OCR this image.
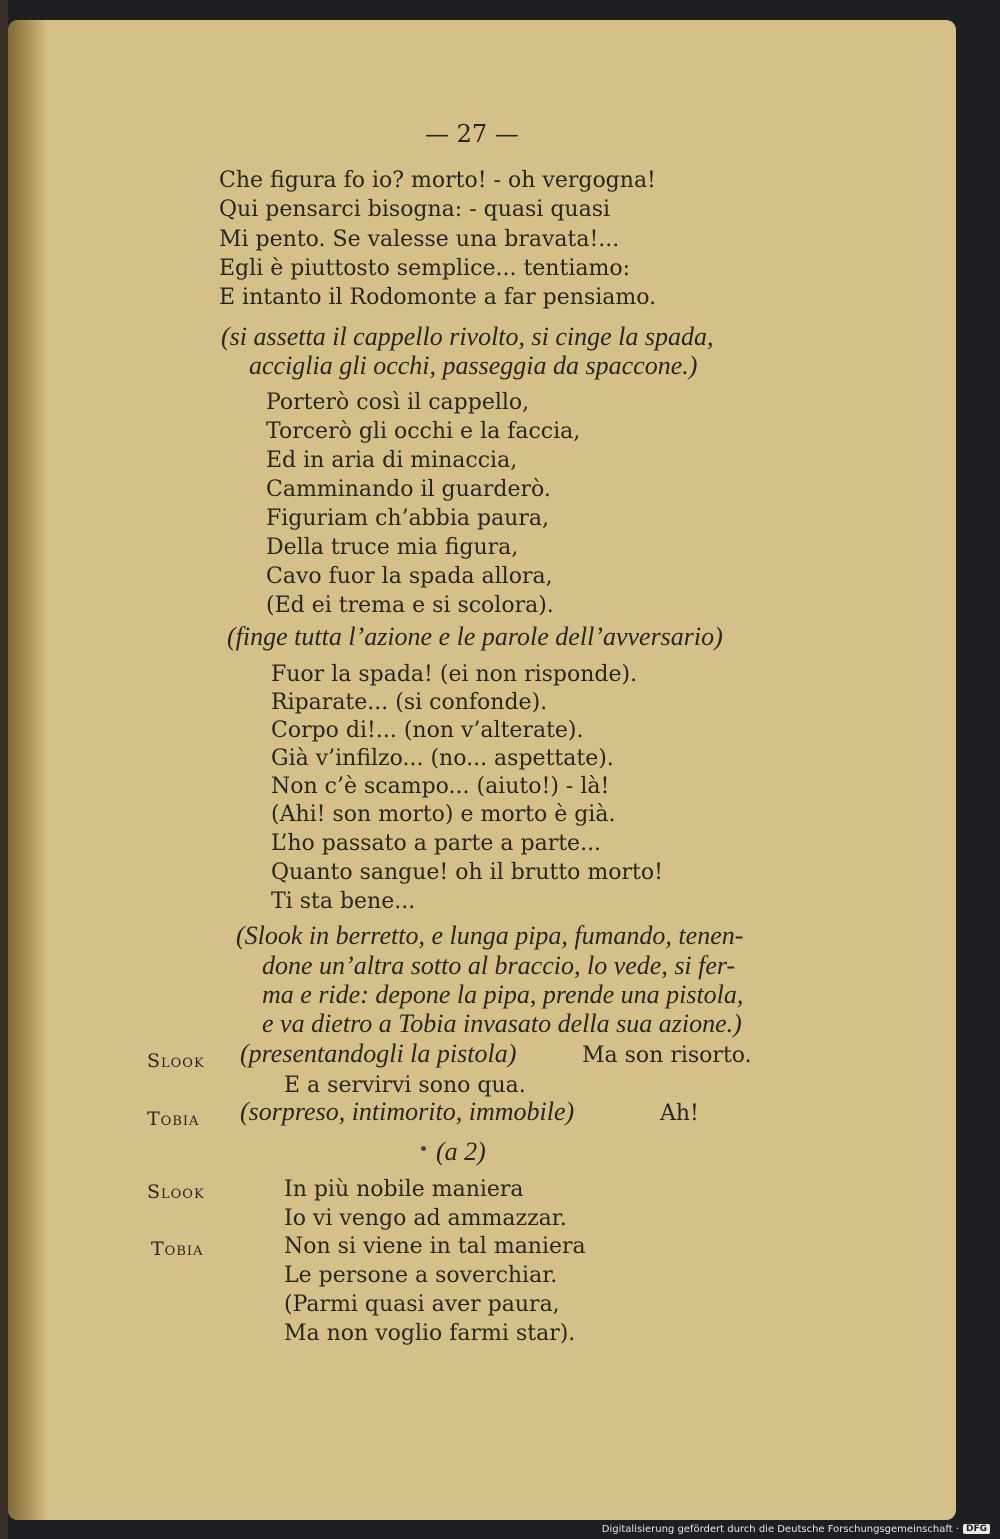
— 27 —
Che figura fo io? morto! - oh vergogna!
Qui pensarci bisogna: - quasi quasi
Mi pento. Se valesse una bravata!...
Egli è piuttosto semplice... tentiamo:
E intanto il Rodomonte a far pensiamo.
(si assetta il cappello rivolto, si cinge la spada,
acciglia gli occhi, passeggia da spaccone.)
Porterò così il cappello,
Torcerò gli occhi e la faccia,
Ed in aria di minaccia,
Camminando il guarderò.
Figuriam ch’abbia paura,
Della truce mia figura,
Cavo fuor la spada allora,
(Ed ei trema e si scolora).
(finge tutta l’azione e le parole dell’avversario)
Fuor la spada! (ei non risponde).
Riparate... (si confonde).
Corpo di!... (non v’alterate).
Già v’infilzo... (no... aspettate).
Non c’è scampo... (aiuto!) - là!
(Ahi! son morto) e morto è già.
L’ho passato a parte a parte...
Quanto sangue! oh il brutto morto!
Ti sta bene...
(Slook in berretto, e lunga pipa, fumando, tenen-
done un’altra sotto al braccio, lo vede, si fer-
ma e ride: depone la pipa, prende una pistola,
e va dietro a Tobia invasato della sua azione.)
Slook (presentandogli la pistola)	Ma son risorto.
E a servirvi sono qua.
Tobia (sorpreso, intimorito, immobile)	Ah!
(a 2)
Slook	In più nobile maniera
Io vi vengo ad ammazzar.
Tobia	Non si viene in tal maniera
Le persone a soverchiar.
(Parmi quasi aver paura,
Ma non voglio farmi star).
Digitalisierung gefördert durch die Deutsche Forschungsgemeinschaft · DFG
